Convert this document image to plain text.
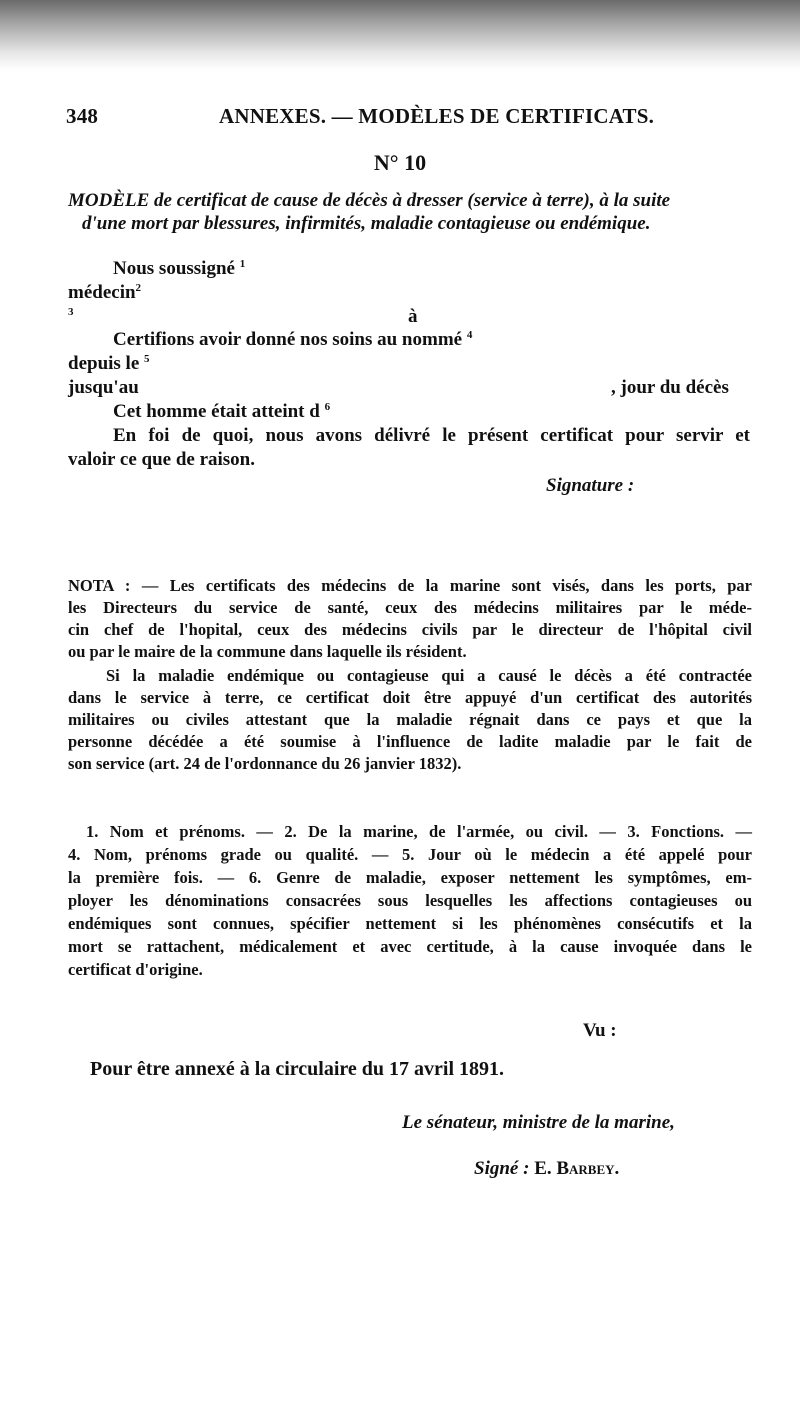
348	ANNEXES. — MODÈLES DE CERTIFICATS.
N° 10
MODÈLE de certificat de cause de décès à dresser (service à terre), à la suite
d'une mort par blessures, infirmités, maladie contagieuse ou endémique.
Nous soussigné $^1$
médecin$^2$
$^3$	à
Certifions avoir donné nos soins au nommé $^4$
depuis le $^5$
jusqu'au	, jour du décès
Cet homme était atteint d $^6$
En foi de quoi, nous avons délivré le présent certificat pour servir et
valoir ce que de raison.
Signature :
NOTA : — Les certificats des médecins de la marine sont visés, dans les ports, par
les Directeurs du service de santé, ceux des médecins militaires par le méde-
cin chef de l'hopital, ceux des médecins civils par le directeur de l'hôpital civil
ou par le maire de la commune dans laquelle ils résident.
Si la maladie endémique ou contagieuse qui a causé le décès a été contractée
dans le service à terre, ce certificat doit être appuyé d'un certificat des autorités
militaires ou civiles attestant que la maladie régnait dans ce pays et que la
personne décédée a été soumise à l'influence de ladite maladie par le fait de
son service (art. 24 de l'ordonnance du 26 janvier 1832).
1. Nom et prénoms. — 2. De la marine, de l'armée, ou civil. — 3. Fonctions. —
4. Nom, prénoms grade ou qualité. — 5. Jour où le médecin a été appelé pour
la première fois. — 6. Genre de maladie, exposer nettement les symptômes, em-
ployer les dénominations consacrées sous lesquelles les affections contagieuses ou
endémiques sont connues, spécifier nettement si les phénomènes consécutifs et la
mort se rattachent, médicalement et avec certitude, à la cause invoquée dans le
certificat d'origine.
Vu :
Pour être annexé à la circulaire du 17 avril 1891.
Le sénateur, ministre de la marine,
Signé : E. Barbey.
